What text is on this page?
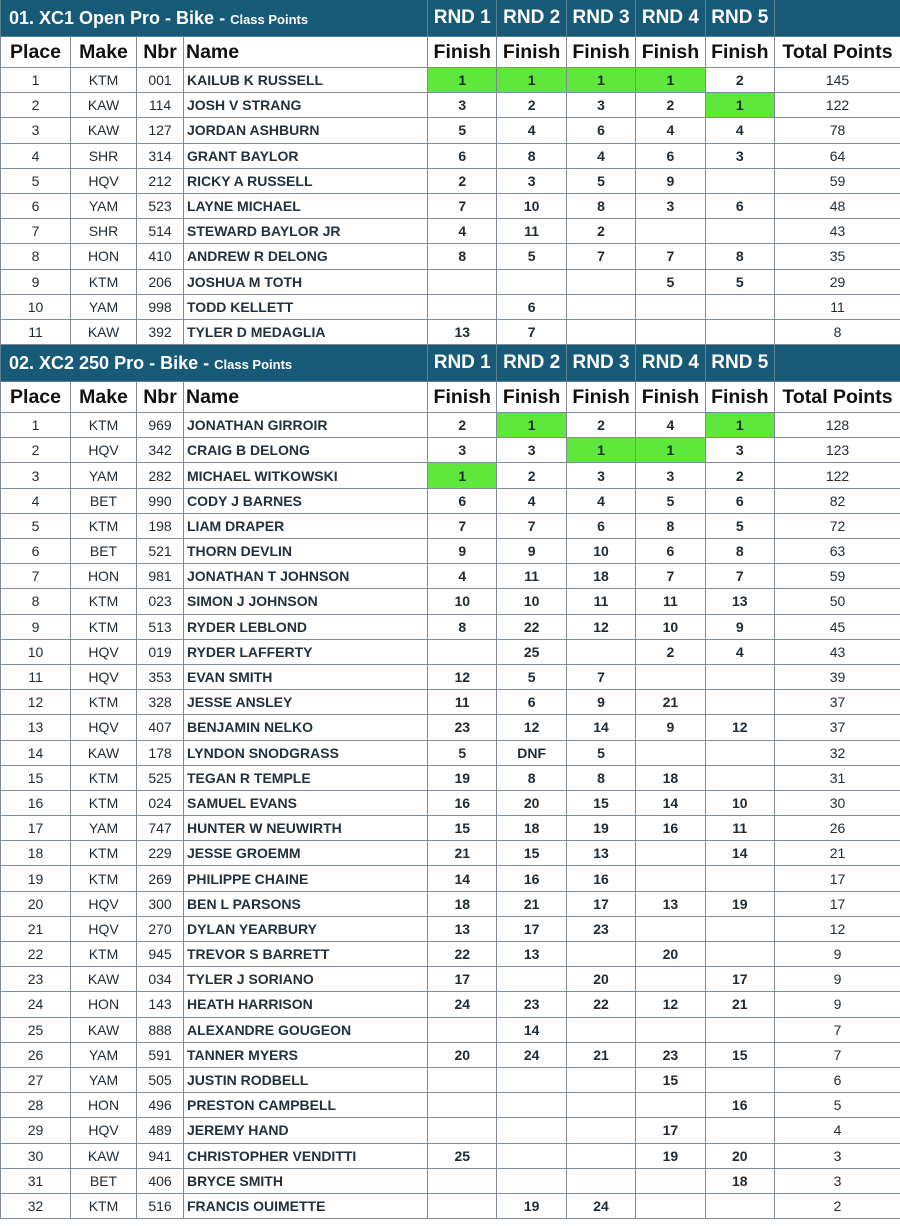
01. XC1 Open Pro - Bike - Class Points				RND 1	RND 2	RND 3	RND 4	RND 5	
Place	Make	Nbr	Name	Finish	Finish	Finish	Finish	Finish	Total Points
1	KTM	001	KAILUB K RUSSELL	1	1	1	1	2	145
2	KAW	114	JOSH V STRANG	3	2	3	2	1	122
3	KAW	127	JORDAN ASHBURN	5	4	6	4	4	78
4	SHR	314	GRANT BAYLOR	6	8	4	6	3	64
5	HQV	212	RICKY A RUSSELL	2	3	5	9		59
6	YAM	523	LAYNE MICHAEL	7	10	8	3	6	48
7	SHR	514	STEWARD BAYLOR JR	4	11	2			43
8	HON	410	ANDREW R DELONG	8	5	7	7	8	35
9	KTM	206	JOSHUA M TOTH				5	5	29
10	YAM	998	TODD KELLETT		6				11
11	KAW	392	TYLER D MEDAGLIA	13	7				8
02. XC2 250 Pro - Bike - Class Points				RND 1	RND 2	RND 3	RND 4	RND 5	
Place	Make	Nbr	Name	Finish	Finish	Finish	Finish	Finish	Total Points
1	KTM	969	JONATHAN GIRROIR	2	1	2	4	1	128
2	HQV	342	CRAIG B DELONG	3	3	1	1	3	123
3	YAM	282	MICHAEL WITKOWSKI	1	2	3	3	2	122
4	BET	990	CODY J BARNES	6	4	4	5	6	82
5	KTM	198	LIAM DRAPER	7	7	6	8	5	72
6	BET	521	THORN DEVLIN	9	9	10	6	8	63
7	HON	981	JONATHAN T JOHNSON	4	11	18	7	7	59
8	KTM	023	SIMON J JOHNSON	10	10	11	11	13	50
9	KTM	513	RYDER LEBLOND	8	22	12	10	9	45
10	HQV	019	RYDER LAFFERTY		25		2	4	43
11	HQV	353	EVAN SMITH	12	5	7			39
12	KTM	328	JESSE ANSLEY	11	6	9	21		37
13	HQV	407	BENJAMIN NELKO	23	12	14	9	12	37
14	KAW	178	LYNDON SNODGRASS	5	DNF	5			32
15	KTM	525	TEGAN R TEMPLE	19	8	8	18		31
16	KTM	024	SAMUEL EVANS	16	20	15	14	10	30
17	YAM	747	HUNTER W NEUWIRTH	15	18	19	16	11	26
18	KTM	229	JESSE GROEMM	21	15	13		14	21
19	KTM	269	PHILIPPE CHAINE	14	16	16			17
20	HQV	300	BEN L PARSONS	18	21	17	13	19	17
21	HQV	270	DYLAN YEARBURY	13	17	23			12
22	KTM	945	TREVOR S BARRETT	22	13		20		9
23	KAW	034	TYLER J SORIANO	17		20		17	9
24	HON	143	HEATH HARRISON	24	23	22	12	21	9
25	KAW	888	ALEXANDRE GOUGEON		14				7
26	YAM	591	TANNER MYERS	20	24	21	23	15	7
27	YAM	505	JUSTIN RODBELL				15		6
28	HON	496	PRESTON CAMPBELL					16	5
29	HQV	489	JEREMY HAND				17		4
30	KAW	941	CHRISTOPHER VENDITTI	25			19	20	3
31	BET	406	BRYCE SMITH					18	3
32	KTM	516	FRANCIS OUIMETTE		19	24			2
